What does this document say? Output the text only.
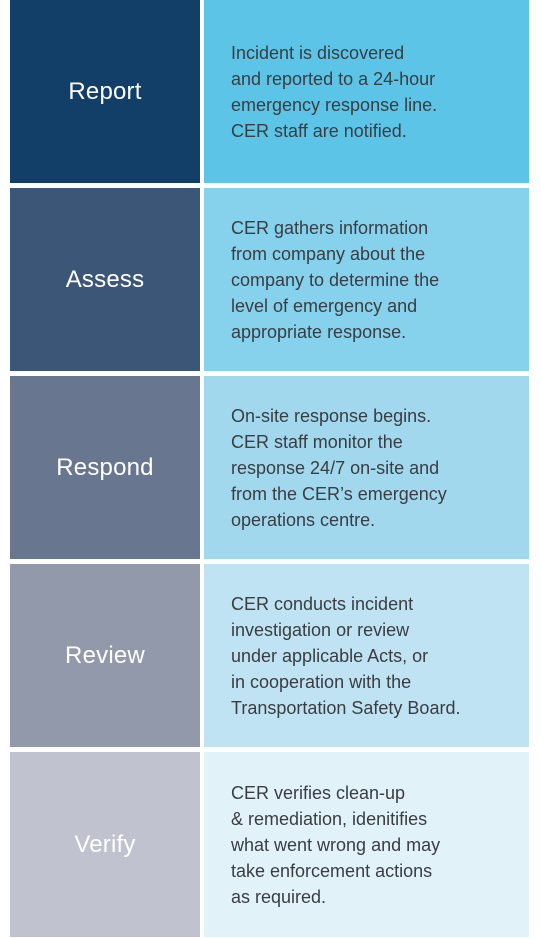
Report
Incident is discovered
and reported to a 24-hour
emergency response line.
CER staff are notified.
Assess
CER gathers information
from company about the
company to determine the
level of emergency and
appropriate response.
Respond
On-site response begins.
CER staff monitor the
response 24/7 on-site and
from the CER’s emergency
operations centre.
Review
CER conducts incident
investigation or review
under applicable Acts, or
in cooperation with the
Transportation Safety Board.
Verify
CER verifies clean-up
& remediation, idenitifies
what went wrong and may
take enforcement actions
as required.
